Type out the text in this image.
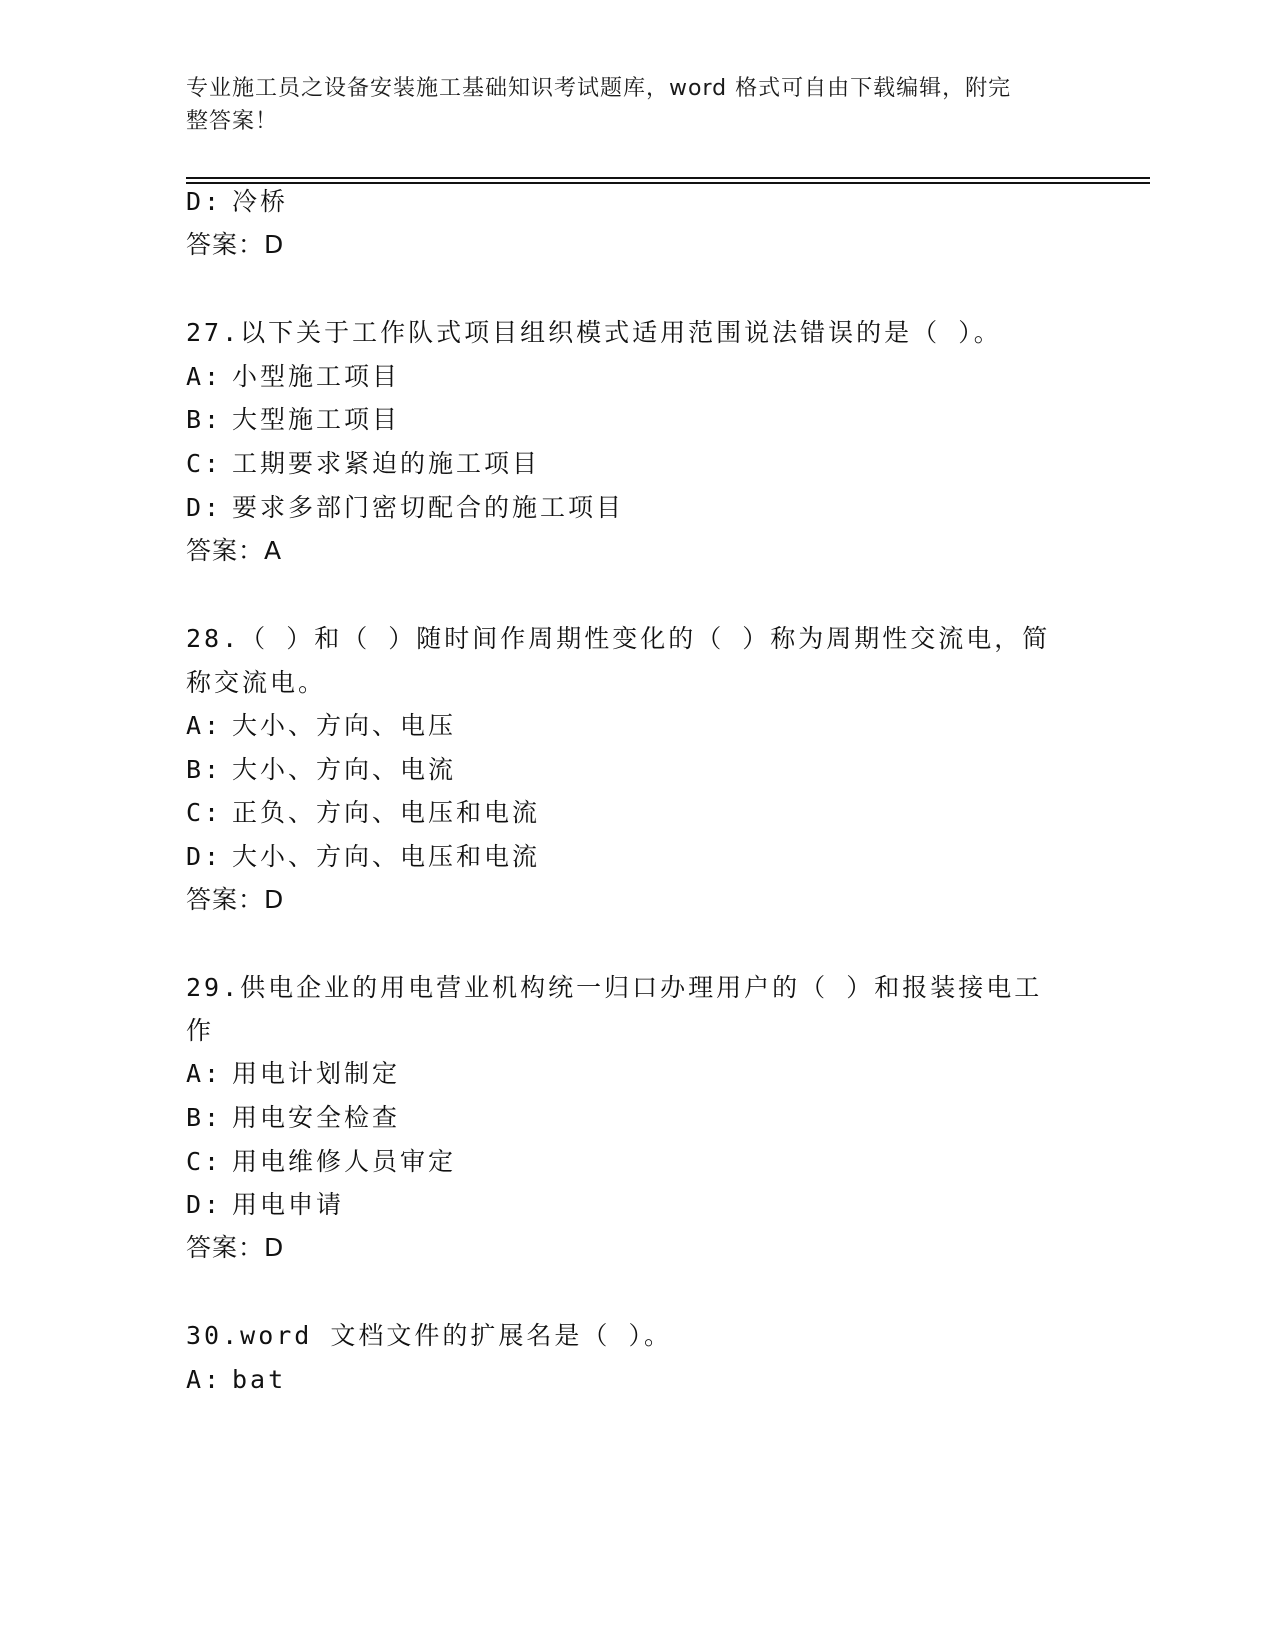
专业施工员之设备安装施工基础知识考试题库，word 格式可自由下载编辑，附完
整答案！
D: 冷桥
答案：D
27.以下关于工作队式项目组织模式适用范围说法错误的是（ ）。
A: 小型施工项目
B: 大型施工项目
C: 工期要求紧迫的施工项目
D: 要求多部门密切配合的施工项目
答案：A
28.（ ）和（ ）随时间作周期性变化的（ ）称为周期性交流电，简
称交流电。
A: 大小、方向、电压
B: 大小、方向、电流
C: 正负、方向、电压和电流
D: 大小、方向、电压和电流
答案：D
29.供电企业的用电营业机构统一归口办理用户的（ ）和报装接电工
作
A: 用电计划制定
B: 用电安全检查
C: 用电维修人员审定
D: 用电申请
答案：D
30.word 文档文件的扩展名是（ ）。
A: bat
